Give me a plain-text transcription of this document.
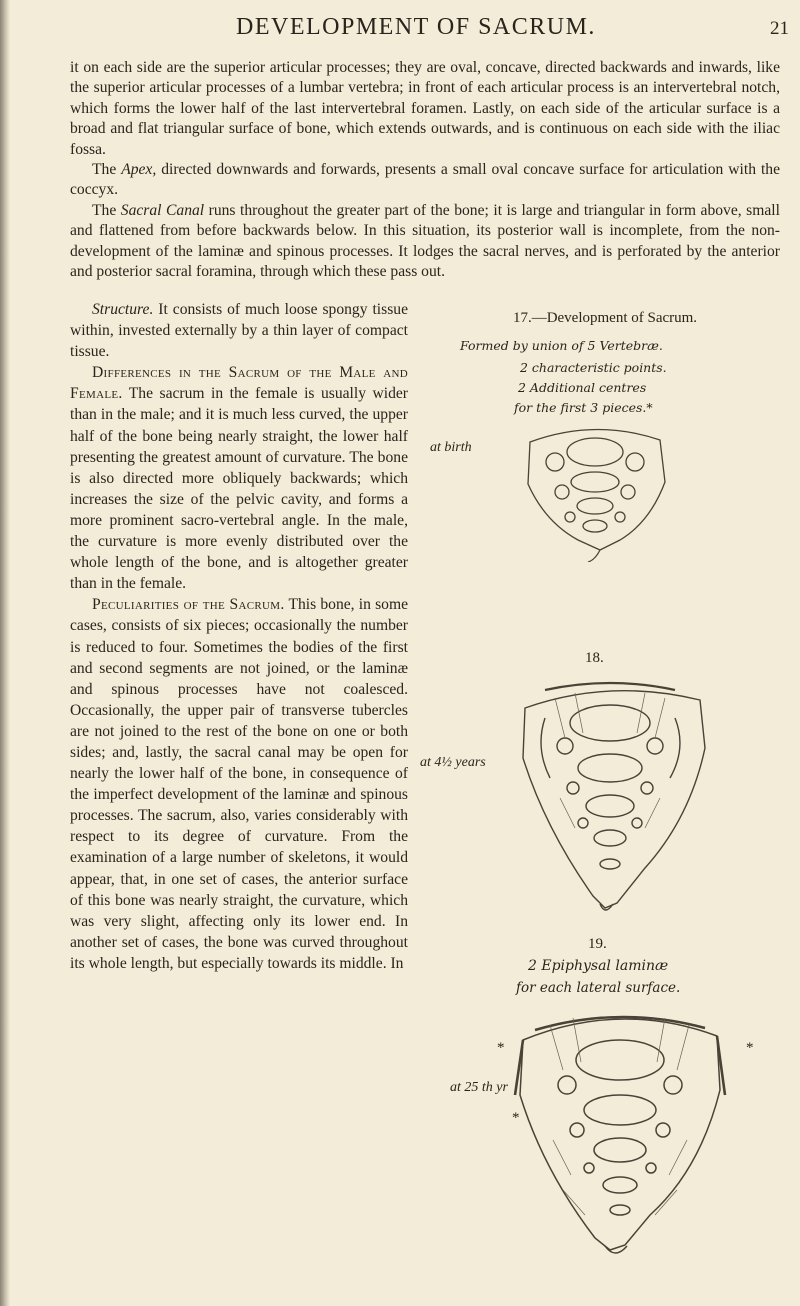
DEVELOPMENT OF SACRUM.	21

it on each side are the superior articular processes; they are oval, concave, directed backwards and inwards, like the superior articular processes of a lumbar vertebra; in front of each articular process is an intervertebral notch, which forms the lower half of the last intervertebral foramen. Lastly, on each side of the articular surface is a broad and flat triangular surface of bone, which extends outwards, and is continuous on each side with the iliac fossa.

The Apex, directed downwards and forwards, presents a small oval concave surface for articulation with the coccyx.

The Sacral Canal runs throughout the greater part of the bone; it is large and triangular in form above, small and flattened from before backwards below. In this situation, its posterior wall is incomplete, from the non-development of the laminæ and spinous processes. It lodges the sacral nerves, and is perforated by the anterior and posterior sacral foramina, through which these pass out.

Structure. It consists of much loose spongy tissue within, invested externally by a thin layer of compact tissue.

Differences in the Sacrum of the Male and Female. The sacrum in the female is usually wider than in the male; and it is much less curved, the upper half of the bone being nearly straight, the lower half presenting the greatest amount of curvature. The bone is also directed more obliquely backwards; which increases the size of the pelvic cavity, and forms a more prominent sacro-vertebral angle. In the male, the curvature is more evenly distributed over the whole length of the bone, and is altogether greater than in the female.

Peculiarities of the Sacrum. This bone, in some cases, consists of six pieces; occasionally the number is reduced to four. Sometimes the bodies of the first and second segments are not joined, or the laminæ and spinous processes have not coalesced. Occasionally, the upper pair of transverse tubercles are not joined to the rest of the bone on one or both sides; and, lastly, the sacral canal may be open for nearly the lower half of the bone, in consequence of the imperfect development of the laminæ and spinous processes. The sacrum, also, varies considerably with respect to its degree of curvature. From the examination of a large number of skeletons, it would appear, that, in one set of cases, the anterior surface of this bone was nearly straight, the curvature, which was very slight, affecting only its lower end. In another set of cases, the bone was curved throughout its whole length, but especially towards its middle. In

17.—Development of Sacrum.
Formed by union of 5 Vertebræ.
2 characteristic points.
2 Additional centres
for the first 3 pieces.*
at birth
18.
at 4½ years
19.
2 Epiphysal laminæ
for each lateral surface.
at 25 th yr
*	*
*
